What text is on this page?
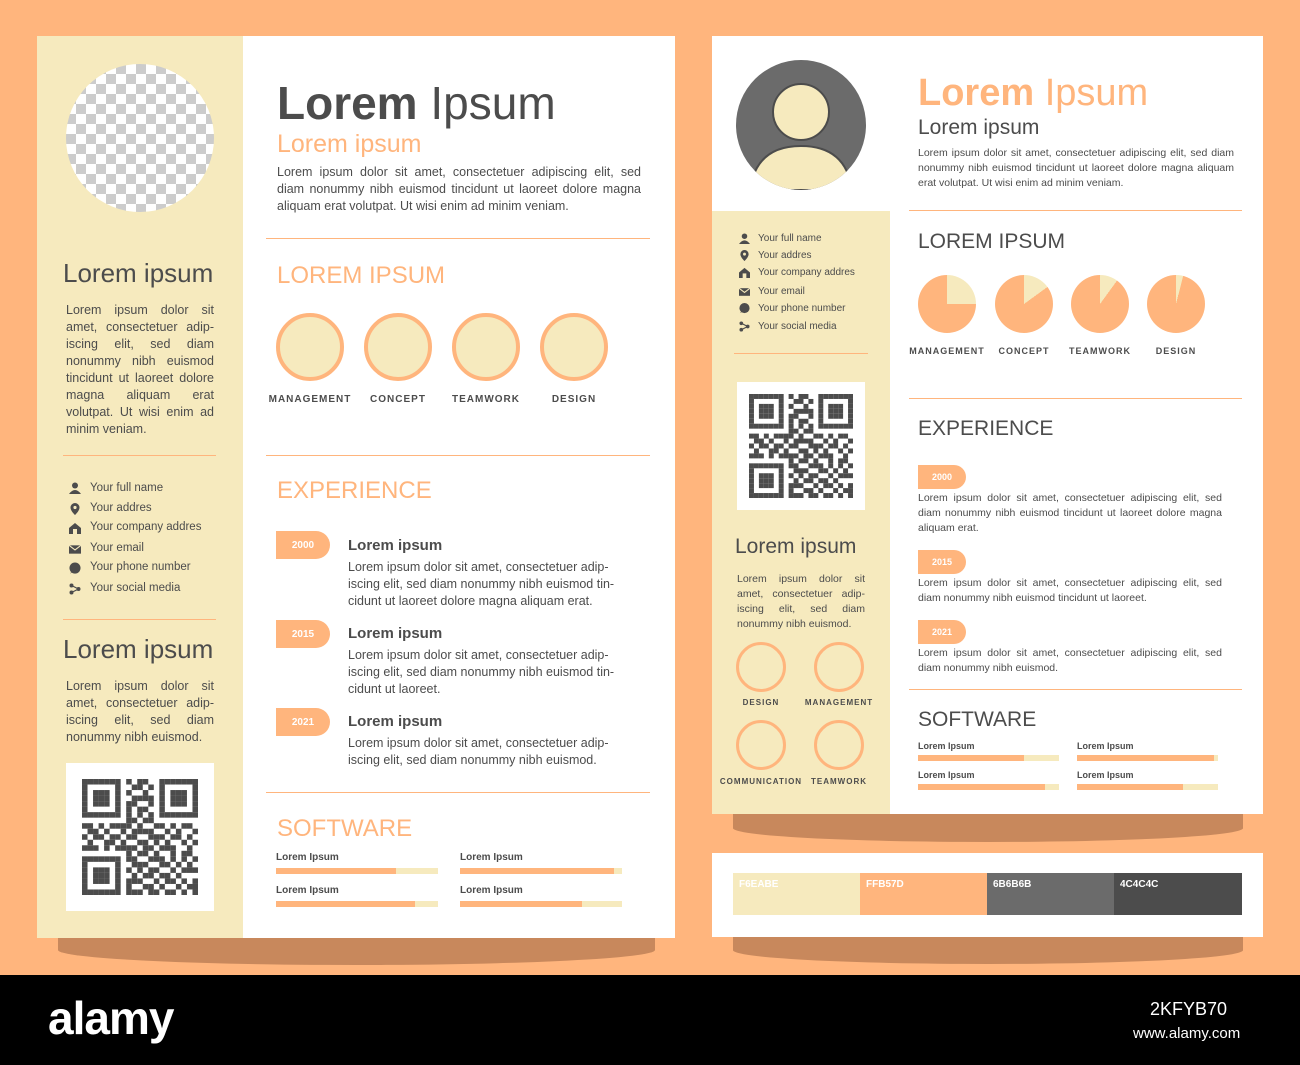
Lorem ipsum
Lorem ipsum dolor sit amet, consectetuer adip-iscing elit, sed diam nonummy nibh euismod tincidunt ut laoreet dolore magna aliquam erat volutpat. Ut wisi enim ad minim veniam.
Your full name
Your addres
Your company addres
Your email
Your phone number
Your social media
Lorem ipsum
Lorem ipsum dolor sit amet, consectetuer adip-iscing elit, sed diam nonummy nibh euismod.
Lorem Ipsum
Lorem ipsum
Lorem ipsum dolor sit amet, consectetuer adipiscing elit, sed diam nonummy nibh euismod tincidunt ut laoreet dolore magna aliquam erat volutpat. Ut wisi enim ad minim veniam.
LOREM IPSUM
MANAGEMENT	CONCEPT	TEAMWORK	DESIGN
EXPERIENCE
2000	Lorem ipsum
Lorem ipsum dolor sit amet, consectetuer adip-iscing elit, sed diam nonummy nibh euismod tin-cidunt ut laoreet dolore magna aliquam erat.
2015	Lorem ipsum
Lorem ipsum dolor sit amet, consectetuer adip-iscing elit, sed diam nonummy nibh euismod tin-cidunt ut laoreet.
2021	Lorem ipsum
Lorem ipsum dolor sit amet, consectetuer adip-iscing elit, sed diam nonummy nibh euismod.
SOFTWARE
Lorem Ipsum	Lorem Ipsum
Lorem Ipsum	Lorem Ipsum
Lorem Ipsum
Lorem ipsum
Lorem ipsum dolor sit amet, consectetuer adipiscing elit, sed diam nonummy nibh euismod tincidunt ut laoreet dolore magna aliquam erat volutpat. Ut wisi enim ad minim veniam.
Your full name
Your addres
Your company addres
Your email
Your phone number
Your social media
Lorem ipsum
Lorem ipsum dolor sit amet, consectetuer adip-iscing elit, sed diam nonummy nibh euismod.
DESIGN	MANAGEMENT
COMMUNICATION	TEAMWORK
LOREM IPSUM
MANAGEMENT	CONCEPT	TEAMWORK	DESIGN
EXPERIENCE
2000
Lorem ipsum dolor sit amet, consectetuer adipiscing elit, sed diam nonummy nibh euismod tincidunt ut laoreet dolore magna aliquam erat.
2015
Lorem ipsum dolor sit amet, consectetuer adipiscing elit, sed diam nonummy nibh euismod tincidunt ut laoreet.
2021
Lorem ipsum dolor sit amet, consectetuer adipiscing elit, sed diam nonummy nibh euismod.
SOFTWARE
Lorem Ipsum	Lorem Ipsum
Lorem Ipsum	Lorem Ipsum
F6EABE	FFB57D	6B6B6B	4C4C4C
alamy	2KFYB70
www.alamy.com
